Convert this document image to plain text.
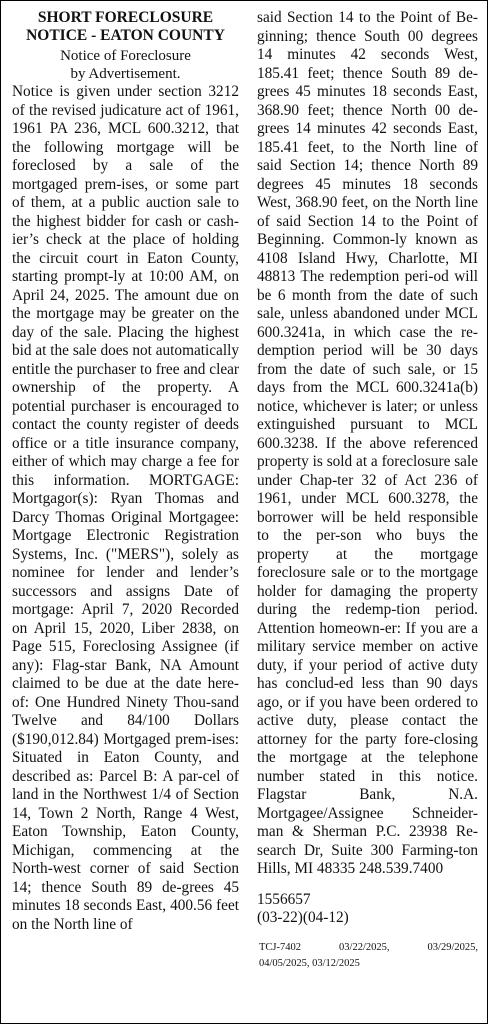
SHORT FORECLOSURE
NOTICE - EATON COUNTY

Notice of Foreclosure
by Advertisement.

Notice is given under section 3212 of the revised judicature act of 1961, 1961 PA 236, MCL 600.3212, that the following mortgage will be foreclosed by a sale of the mortgaged prem-ises, or some part of them, at a public auction sale to the highest bidder for cash or cash-ier’s check at the place of holding the circuit court in Eaton County, starting prompt-ly at 10:00 AM, on April 24, 2025. The amount due on the mortgage may be greater on the day of the sale. Placing the highest bid at the sale does not automatically entitle the purchaser to free and clear ownership of the property. A potential purchaser is encouraged to contact the county register of deeds office or a title insurance company, either of which may charge a fee for this information. MORTGAGE: Mortgagor(s): Ryan Thomas and Darcy Thomas Original Mortgagee: Mortgage Electronic Registration Systems, Inc. ("MERS"), solely as nominee for lender and lender’s successors and assigns Date of mortgage: April 7, 2020 Recorded on April 15, 2020, Liber 2838, on Page 515, Foreclosing Assignee (if any): Flag-star Bank, NA Amount claimed to be due at the date here-of: One Hundred Ninety Thou-sand Twelve and 84/100 Dollars ($190,012.84) Mortgaged prem-ises: Situated in Eaton County, and described as: Parcel B: A par-cel of land in the Northwest 1/4 of Section 14, Town 2 North, Range 4 West, Eaton Township, Eaton County, Michigan, commencing at the North-west corner of said Section 14; thence South 89 de-grees 45 minutes 18 seconds East, 400.56 feet on the North line of

said Section 14 to the Point of Be-ginning; thence South 00 degrees 14 minutes 42 seconds West, 185.41 feet; thence South 89 de-grees 45 minutes 18 seconds East, 368.90 feet; thence North 00 de-grees 14 minutes 42 seconds East, 185.41 feet, to the North line of said Section 14; thence North 89 degrees 45 minutes 18 seconds West, 368.90 feet, on the North line of said Section 14 to the Point of Beginning. Common-ly known as 4108 Island Hwy, Charlotte, MI 48813 The redemption peri-od will be 6 month from the date of such sale, unless abandoned under MCL 600.3241a, in which case the re-demption period will be 30 days from the date of such sale, or 15 days from the MCL 600.3241a(b) notice, whichever is later; or unless extinguished pursuant to MCL 600.3238. If the above referenced property is sold at a foreclosure sale under Chap-ter 32 of Act 236 of 1961, under MCL 600.3278, the borrower will be held responsible to the per-son who buys the property at the mortgage foreclosure sale or to the mortgage holder for damaging the property during the redemp-tion period. Attention homeown-er: If you are a military service member on active duty, if your period of active duty has conclud-ed less than 90 days ago, or if you have been ordered to active duty, please contact the attorney for the party fore-closing the mortgage at the telephone number stated in this notice. Flagstar Bank, N.A. Mortgagee/Assignee Schneider-man & Sherman P.C. 23938 Re-search Dr, Suite 300 Farming-ton Hills, MI 48335 248.539.7400

1556657

(03-22)(04-12)

TCJ-7402	03/22/2025,	03/29/2025,
04/05/2025, 03/12/2025
